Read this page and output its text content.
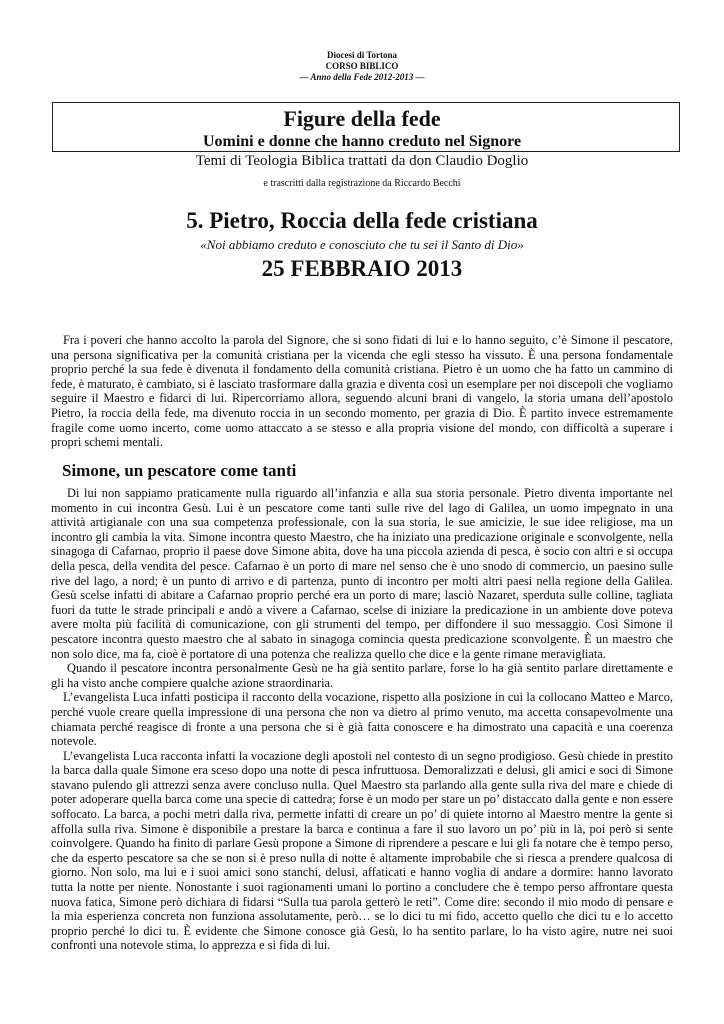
Diocesi di Tortona
CORSO BIBLICO
— Anno della Fede 2012-2013 —
Figure della fede
Uomini e donne che hanno creduto nel Signore
Temi di Teologia Biblica trattati da don Claudio Doglio
e trascritti dalla registrazione da Riccardo Becchi
5. Pietro, Roccia della fede cristiana
«Noi abbiamo creduto e conosciuto che tu sei il Santo di Dio»
25 FEBBRAIO 2013

Fra i poveri che hanno accolto la parola del Signore, che si sono fidati di lui e lo hanno seguito, c’è Simone il pescatore, una persona significativa per la comunità cristiana per la vicenda che egli stesso ha vissuto. È una persona fondamentale proprio perché la sua fede è divenuta il fondamento della comunità cristiana. Pietro è un uomo che ha fatto un cammino di fede, è maturato, è cambiato, si è lasciato trasformare dalla grazia e diventa così un esemplare per noi discepoli che vogliamo seguire il Maestro e fidarci di lui. Ripercorriamo allora, seguendo alcuni brani di vangelo, la storia umana dell’apostolo Pietro, la roccia della fede, ma divenuto roccia in un secondo momento, per grazia di Dio. È partito invece estremamente fragile come uomo incerto, come uomo attaccato a se stesso e alla propria visione del mondo, con difficoltà a superare i propri schemi mentali.

Simone, un pescatore come tanti

Di lui non sappiamo praticamente nulla riguardo all’infanzia e alla sua storia personale. Pietro diventa importante nel momento in cui incontra Gesù. Lui è un pescatore come tanti sulle rive del lago di Galilea, un uomo impegnato in una attività artigianale con una sua competenza professionale, con la sua storia, le sue amicizie, le sue idee religiose, ma un incontro gli cambia la vita. Simone incontra questo Maestro, che ha iniziato una predicazione originale e sconvolgente, nella sinagoga di Cafarnao, proprio il paese dove Simone abita, dove ha una piccola azienda di pesca, è socio con altri e si occupa della pesca, della vendita del pesce. Cafarnao è un porto di mare nel senso che è uno snodo di commercio, un paesino sulle rive del lago, a nord; è un punto di arrivo e di partenza, punto di incontro per molti altri paesi nella regione della Galilea. Gesù scelse infatti di abitare a Cafarnao proprio perché era un porto di mare; lasciò Nazaret, sperduta sulle colline, tagliata fuori da tutte le strade principali e andò a vivere a Cafarnao, scelse di iniziare la predicazione in un ambiente dove poteva avere molta più facilità di comunicazione, con gli strumenti del tempo, per diffondere il suo messaggio. Così Simone il pescatore incontra questo maestro che al sabato in sinagoga comincia questa predicazione sconvolgente. È un maestro che non solo dice, ma fa, cioè è portatore di una potenza che realizza quello che dice e la gente rimane meravigliata.

Quando il pescatore incontra personalmente Gesù ne ha già sentito parlare, forse lo ha già sentito parlare direttamente e gli ha visto anche compiere qualche azione straordinaria.

L’evangelista Luca infatti posticipa il racconto della vocazione, rispetto alla posizione in cui la collocano Matteo e Marco, perché vuole creare quella impressione di una persona che non va dietro al primo venuto, ma accetta consapevolmente una chiamata perché reagisce di fronte a una persona che si è già fatta conoscere e ha dimostrato una capacità e una coerenza notevole.

L’evangelista Luca racconta infatti la vocazione degli apostoli nel contesto di un segno prodigioso. Gesù chiede in prestito la barca dalla quale Simone era sceso dopo una notte di pesca infruttuosa. Demoralizzati e delusi, gli amici e soci di Simone stavano pulendo gli attrezzi senza avere concluso nulla. Quel Maestro sta parlando alla gente sulla riva del mare e chiede di poter adoperare quella barca come una specie di cattedra; forse è un modo per stare un po’ distaccato dalla gente e non essere soffocato. La barca, a pochi metri dalla riva, permette infatti di creare un po’ di quiete intorno al Maestro mentre la gente si affolla sulla riva. Simone è disponibile a prestare la barca e continua a fare il suo lavoro un po’ più in là, poi però si sente coinvolgere. Quando ha finito di parlare Gesù propone a Simone di riprendere a pescare e lui gli fa notare che è tempo perso, che da esperto pescatore sa che se non si è preso nulla di notte è altamente improbabile che si riesca a prendere qualcosa di giorno. Non solo, ma lui e i suoi amici sono stanchi, delusi, affaticati e hanno voglia di andare a dormire: hanno lavorato tutta la notte per niente. Nonostante i suoi ragionamenti umani lo portino a concludere che è tempo perso affrontare questa nuova fatica, Simone però dichiara di fidarsi “Sulla tua parola getterò le reti”. Come dire: secondo il mio modo di pensare e la mia esperienza concreta non funziona assolutamente, però… se lo dici tu mi fido, accetto quello che dici tu e lo accetto proprio perché lo dici tu. È evidente che Simone conosce già Gesù, lo ha sentito parlare, lo ha visto agire, nutre nei suoi confronti una notevole stima, lo apprezza e si fida di lui.
